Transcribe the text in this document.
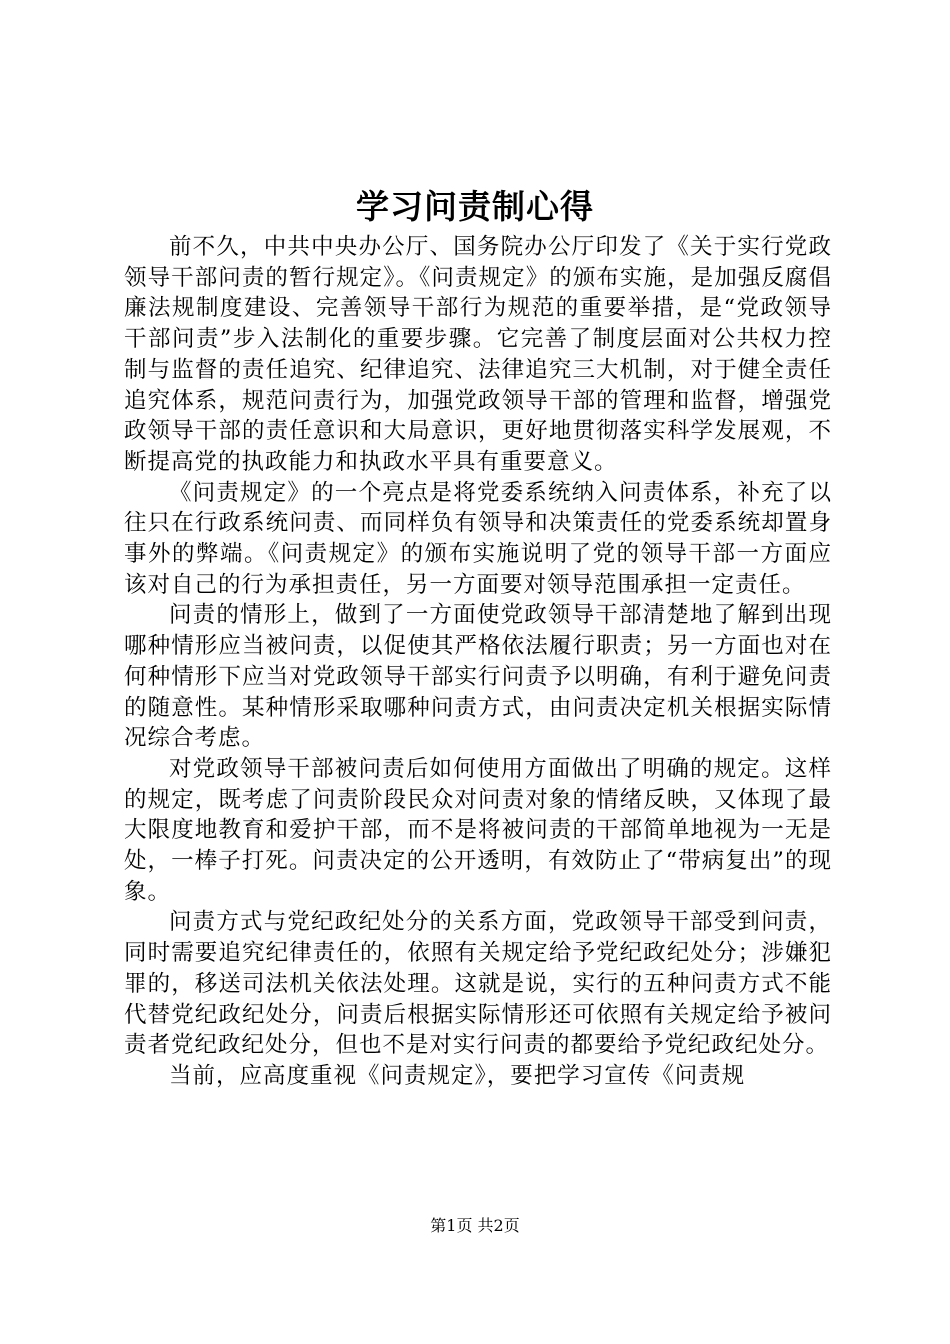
学习问责制心得

前不久，中共中央办公厅、国务院办公厅印发了《关于实行党政领导干部问责的暂行规定》。《问责规定》的颁布实施，是加强反腐倡廉法规制度建设、完善领导干部行为规范的重要举措，是“党政领导干部问责”步入法制化的重要步骤。它完善了制度层面对公共权力控制与监督的责任追究、纪律追究、法律追究三大机制，对于健全责任追究体系，规范问责行为，加强党政领导干部的管理和监督，增强党政领导干部的责任意识和大局意识，更好地贯彻落实科学发展观，不断提高党的执政能力和执政水平具有重要意义。

《问责规定》的一个亮点是将党委系统纳入问责体系，补充了以往只在行政系统问责、而同样负有领导和决策责任的党委系统却置身事外的弊端。《问责规定》的颁布实施说明了党的领导干部一方面应该对自己的行为承担责任，另一方面要对领导范围承担一定责任。

问责的情形上，做到了一方面使党政领导干部清楚地了解到出现哪种情形应当被问责，以促使其严格依法履行职责；另一方面也对在何种情形下应当对党政领导干部实行问责予以明确，有利于避免问责的随意性。某种情形采取哪种问责方式，由问责决定机关根据实际情况综合考虑。

对党政领导干部被问责后如何使用方面做出了明确的规定。这样的规定，既考虑了问责阶段民众对问责对象的情绪反映，又体现了最大限度地教育和爱护干部，而不是将被问责的干部简单地视为一无是处，一棒子打死。问责决定的公开透明，有效防止了“带病复出”的现象。

问责方式与党纪政纪处分的关系方面，党政领导干部受到问责，同时需要追究纪律责任的，依照有关规定给予党纪政纪处分；涉嫌犯罪的，移送司法机关依法处理。这就是说，实行的五种问责方式不能代替党纪政纪处分，问责后根据实际情形还可依照有关规定给予被问责者党纪政纪处分，但也不是对实行问责的都要给予党纪政纪处分。

当前，应高度重视《问责规定》，要把学习宣传《问责规

第1页 共2页
